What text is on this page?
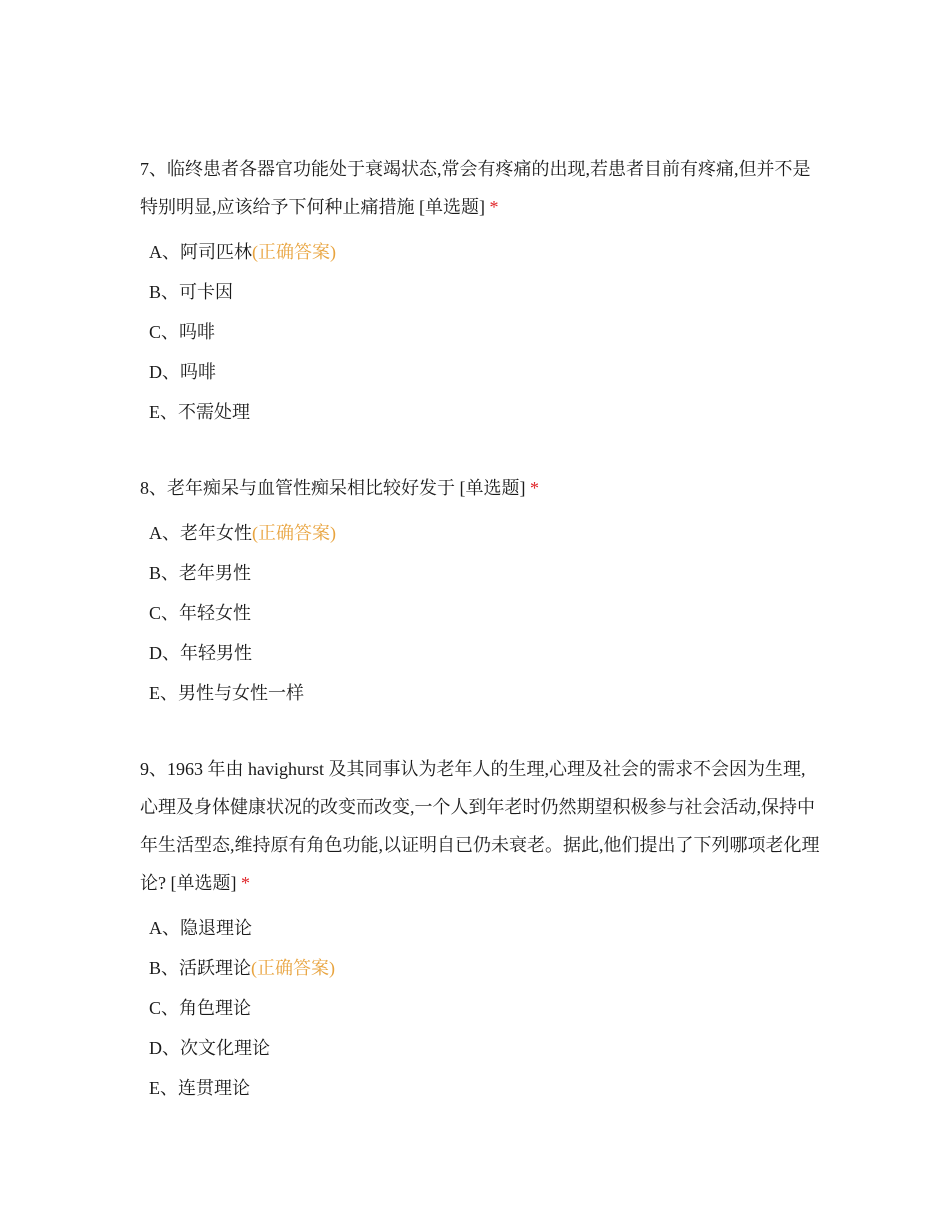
7、临终患者各器官功能处于衰竭状态,常会有疼痛的出现,若患者目前有疼痛,但并不是特别明显,应该给予下何种止痛措施 [单选题] *

A、阿司匹林(正确答案)
B、可卡因
C、吗啡
D、吗啡
E、不需处理

8、老年痴呆与血管性痴呆相比较好发于 [单选题] *

A、老年女性(正确答案)
B、老年男性
C、年轻女性
D、年轻男性
E、男性与女性一样

9、1963 年由 havighurst 及其同事认为老年人的生理,心理及社会的需求不会因为生理,心理及身体健康状况的改变而改变,一个人到年老时仍然期望积极参与社会活动,保持中年生活型态,维持原有角色功能,以证明自已仍未衰老。据此,他们提出了下列哪项老化理论? [单选题] *

A、隐退理论
B、活跃理论(正确答案)
C、角色理论
D、次文化理论
E、连贯理论
